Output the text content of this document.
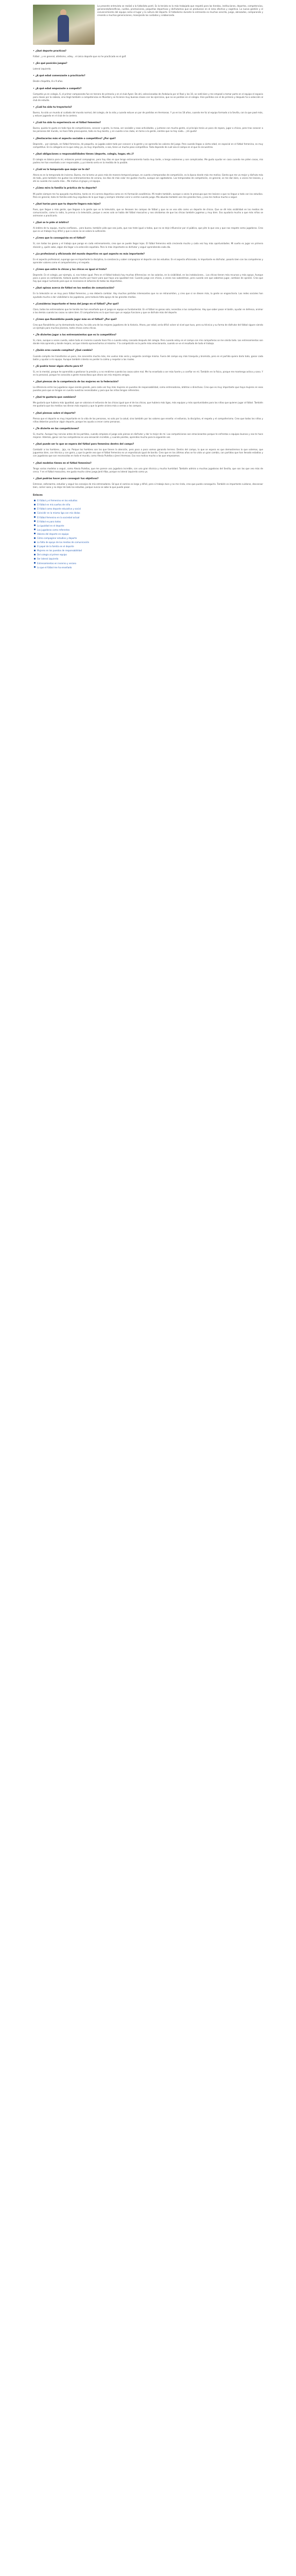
La presente entrevista se realizó a la futbolista pontí. Es la tenista es la más trabajada que respetó para las tiendas, instituciones, deportes, competencias, generando/beneficios, cuellos, promociones, pequeñas deportivas y disfrutamos que se produzcan en el área afectiva y cognitiva. La nueva gestión y el convencimiento del equipo como el lugar y la cultura del deporte. El futbolismo durante la entrevista es muchos sencilla, juego, abrazados, comparando y creando a muchas generaciones, manejando los cuidados y colaborando.

• ¿Qué deporte practicas?

Fútbol , y en general, atletismo, vóley... el único deporte que no he practicado es el golf.

• ¿En qué posición juegas?

Lateral izquierdo.

• ¿A qué edad comenzaste a practicarlo?

Desde chiquitita, 8 o 9 años.

• ¿A qué edad empezaste a competir?

Competía ya en colegio, 6, el primer campeonato fue en tercero de primaria y en el club Ayser. De ahí, seleccionadas de Andalucía por el Real y los 10, se notó bien y me empezó a tomar parte en el equipo el espacio para clases por la cabeza, vino llegó también a competencias en Mundial y se hicieron muy buenas clases con los ejercicios, que no se perdían en el colegio. Hice partidos con el de primera y después fui a selección al club de estudio.

• ¿Cuál ha sido tu trayectoria?

Bueno, ha sido un mundo al cuidado del mundo normal, del colegio, de la vida y cuando estuve un par de partidos en Hermanas. Y ya en los 18 años, cuando me fui al equipo formado a la Sevilla, con la que pasé más, y estuve jugando en el club de la cantera.

• ¿Cuál ha sido tu experiencia en el fútbol femenino?

Bueno, quizás te gusta en todo tipo de competiciones, conocer a gente, la mesa, ser sociable y esas actividades, y juntarse con mucha gente, al principio tenía un poco de reparo, jugar a chicos, pero tras conocer a las personas del mundo, no hace falta preocuparse, todo es muy bonito, y en cuanto a los clubs, en torno a la gente, sientes que no hay nada... ¡Un gusto!

• ¿Destacarías más el aspecto sociable o competitivo? ¿Por qué?

Depende... por ejemplo, en fútbol femenino, de pequeña, se jugaba sobre todo por conocer a la gente y se aprendía los valores del juego. Pero cuando llegas a cierta edad, en especial en el fútbol femenino, es muy competitivo. En la categoría en la que estoy yo, es muy importante, o sea, tiene un mucho peso competitivo. Todo depende de cuál sea el campo en el que te encuentres.

• ¿Qué obligaciones o responsabilidades tienes (deporte, colegio, hogar, etc.)?

El colegio es básico para mí, entonces pensé compaginar, pero hay días en que tengo entrenamiento hasta muy tarde, o tengo exámenes y son complicados. Me gusta ayudar en casa cuando me piden cosas, mis padres me han enseñado a ser responsable, y yo intento serlo en la medida de lo posible.

• ¿Cuál es la temporada que mejor se te da?

Ahora es en la temporada de invierno. Bueno, me la tomo un poco más de manera temporal porque, en cuanto a temporadas de competición, es la época donde más me motivo. Siento que me va mejor y disfruto más de todo, pero también me gustan los entrenamientos de verano, los días de más calor me gustan mucho, aunque son agotadores. Las temporadas de competición, en general, se me dan bien, a veces me lesiono, y ahí es cuando me cuesta más... Me motiva el grupo y el equipo.

• ¿Cómo mira la familia la práctica de tu deporte?

Mi padre siempre me ha apoyado muchísimo, tanto en mi carrera deportiva como en mi formación académica. Mi madre también, aunque a veces le preocupa que me lesione o que no llegue a todo con los estudios. Pero en general, toda mi familia está muy orgullosa de lo que hago y siempre intentan venir a verme cuando juego. Mis abuelos también son mis grandes fans, y eso me motiva mucho a seguir.

• ¿Qué harías para que tu deporte llegara más lejos?

Pues, que llegue a más gente, que llegase a la gente que ve la televisión, que se llenasen los campos de fútbol y que no se vea sólo como un deporte de chicos. Que se dé más visibilidad en los medios de comunicación, como la radio, la prensa o la televisión, porque a veces solo se habla del fútbol masculino y nos olvidamos de que las chicas también jugamos y muy bien. Eso ayudaría mucho a que más niñas se animaran a practicarlo.

• ¿Qué se le pide al árbitro?

Al árbitro de tu equipo, mucha confianza... pero bueno, también pido que sea justo, que nos trate igual a todas, que no se deje influenciar por el público, que pite lo que vea y que nos respete como jugadoras. Creo que es un trabajo muy difícil y que a veces no se valora lo suficiente.

• ¿Crees que lo conseguirás en el fútbol?

Sí, con todas las ganas y el trabajo que pongo en cada entrenamiento, creo que se puede llegar lejos. El fútbol femenino está creciendo mucho y cada vez hay más oportunidades. Mi sueño es jugar en primera división y, quién sabe, algún día llegar a la selección española. Pero lo más importante es disfrutar y seguir aprendiendo cada día.

• ¿La profesional y aficionada del mundo deportivo en qué aspecto es más importante?

En el aspecto profesional, supongo que es importante la disciplina, la constancia y saber compaginar el deporte con los estudios. En el aspecto aficionado, lo importante es disfrutar, pasarlo bien con las compañeras y aprender valores como el compañerismo y el respeto.

• ¿Crees que entre la chicas y los chicos es igual el trato?

Depende. En el colegio, por ejemplo, sí, nos tratan igual. Pero en el fútbol todavía hay muchas diferencias: en los salarios, en la visibilidad, en las instalaciones... Los chicos tienen más recursos y más apoyo. Aunque poco a poco va cambiando, todavía queda mucho por hacer para que haya una igualdad real. Cuando juego con chicos, a veces nos subestiman, pero cuando ven que sabemos jugar, cambian de opinión. Creo que hay que seguir luchando para que se reconozca el esfuerzo de todas las deportistas.

• ¿Qué opinas acerca de fútbol en los medios de comunicación?

En la televisión se ve muy poco fútbol femenino, y eso debería cambiar. Hay muchos partidos interesantes que no se retransmiten, y creo que si se diesen más, la gente se engancharía. Las redes sociales han ayudado mucho a dar visibilidad a las jugadoras, pero todavía falta apoyo de los grandes medios.

• ¿Consideras importante el tema del juego en el fútbol? ¿Por qué?

Claro, todos los entrenadores que he tenido me han enseñado que el juego en equipo es fundamental. En el fútbol no ganas sola; necesitas a tus compañeras. Hay que saber pasar el balón, ayudar en defensa, animar a las demás cuando las cosas no salen bien. El compañerismo es lo que hace que un equipo funcione y que se disfrute más del deporte.

• ¿Crees que Ronaldinho puede jugar más en el fútbol? ¿Por qué?

Creo que Ronaldinho ya ha demostrado mucho, ha sido uno de los mejores jugadores de la historia. Ahora, por edad, sería difícil volver al nivel que tuvo, pero su técnica y su forma de disfrutar del fútbol siguen siendo un ejemplo para muchos jóvenes, tanto chicos como chicas.

• ¿Te diviertes jugar a los entrenamientos que es lo competitivo?

Sí, claro, aunque a veces cuesta, sobre todo en invierno cuando hace frío o cuando estoy cansada después del colegio. Pero cuando estoy en el campo con mis compañeras se me olvida todo. Los entrenamientos son donde más aprendo y donde mejoro, así que intento aprovecharlos al máximo. Y la competición es la parte más emocionante, cuando se ve el resultado de todo el trabajo.

• ¿Quién eres cuando compites? ¿Qué cambia?

Cuando compito me transformo un poco, me concentro mucho más, me vuelvo más seria y exigente conmigo misma. Fuera del campo soy más tranquila y bromista, pero en el partido quiero darlo todo, ganar cada balón y ayudar a mi equipo. Aunque también intento no perder la calma y respetar a las rivales.

• ¿Si podría tener algún efecto para ti?

Sí, en lo mental, porque he aprendido a gestionar la presión y a no rendirme cuando las cosas salen mal. Me ha enseñado a ser más fuerte y a confiar en mí. También en lo físico, porque me mantengo activa y sana. Y en lo personal, porque he conocido a gente maravillosa que ahora son mis mejores amigas.

• ¿Qué piensas de la competencia de las mujeres en la federación?

La diferencia entre las jugadoras sigue siendo grande, pero cada vez hay más mujeres en puestos de responsabilidad, como entrenadoras, árbitras o directivas. Creo que es muy importante que haya mujeres en esos puestos para que se tengan en cuenta nuestras necesidades y para que las niñas tengan referentes.

• ¿Qué te gustaría que cambiara?

Me gustaría que hubiera más igualdad, que se valorara el esfuerzo de las chicas igual que el de los chicos, que hubiera más ligas, más equipos y más oportunidades para las niñas que quieren jugar al fútbol. También me gustaría que los medios nos dieran más espacio y que la gente viniera más a vernos a los campos.

• ¿Qué piensas sobre el deporte?

Pienso que el deporte es muy importante en la vida de las personas, no solo por la salud, sino también por los valores que enseña: el esfuerzo, la disciplina, el respeto y el compañerismo. Creo que todos los niños y niñas deberían practicar algún deporte, porque les ayuda a crecer como personas.

• ¿Te divierte en las competiciones?

Sí, mucho. Aunque hay nervios antes de los partidos, cuando empieza el juego solo pienso en disfrutar y dar lo mejor de mí. Las competiciones son emocionantes porque te enfrentas a equipos buenos y eso te hace mejorar. Además, ganar con tus compañeras es una sensación increíble, y cuando pierdes, aprendes mucho para la siguiente vez.

• ¿Qué puede ser lo que se espera del fútbol para femenino dentro del campo?

Combatir a los hombres... jaja, no. Porque los hombres son los que tienen la atención, pero poco a poco vamos ganando terreno. Dentro del campo, lo que se espera es que demostremos lo que valemos, que juguemos bien, con técnica y con garra, y que la gente vea que el fútbol femenino es un espectáculo igual de bonito. Creo que en los últimos años se ha visto un gran cambio, con partidos que han llenado estadios y con jugadoras que son reconocidas en todo el mundo, como Alexia Putellas o Jenni Hermoso. Eso nos motiva mucho a las que empezamos.

• ¿Qué modelos tienes en el fútbol femenino?

Tengo varios modelos a seguir, como Alexia Putellas, que me parece una jugadora increíble, con una gran técnica y mucha humildad. También admiro a muchas jugadoras del Sevilla, que son las que veo más de cerca. Y en el fútbol masculino, me gusta mucho cómo juega Jordi Alba, porque es lateral izquierdo como yo.

• ¿Qué podrías hacer para conseguir tus objetivos?

Entrenar, esforzarme, estudiar y seguir los consejos de mis entrenadores. Sé que el camino es largo y difícil, pero si trabajo duro y no me rindo, creo que puedo conseguirlo. También es importante cuidarse, descansar bien, comer sano y no dejar de lado los estudios, porque nunca se sabe lo que puede pasar.

Enlaces
El fútbol y el femenino en los estudios
El fútbol en mis sueños de niña
El fútbol como deporte educativo y social
Coincidir en la misma liga con mis ídolas
El fútbol femenino en la sociedad actual
El fútbol es para todos
La igualdad en el deporte
Las jugadoras como referentes
Valores del deporte en equipo
Cómo compaginar estudios y deporte
La falta de apoyo de los medios de comunicación
El papel de la familia en el deporte
Mujeres en los puestos de responsabilidad
Del colegio al primer equipo
Ser lateral izquierdo
Entrenamientos en invierno y verano
Lo que el fútbol me ha enseñado
